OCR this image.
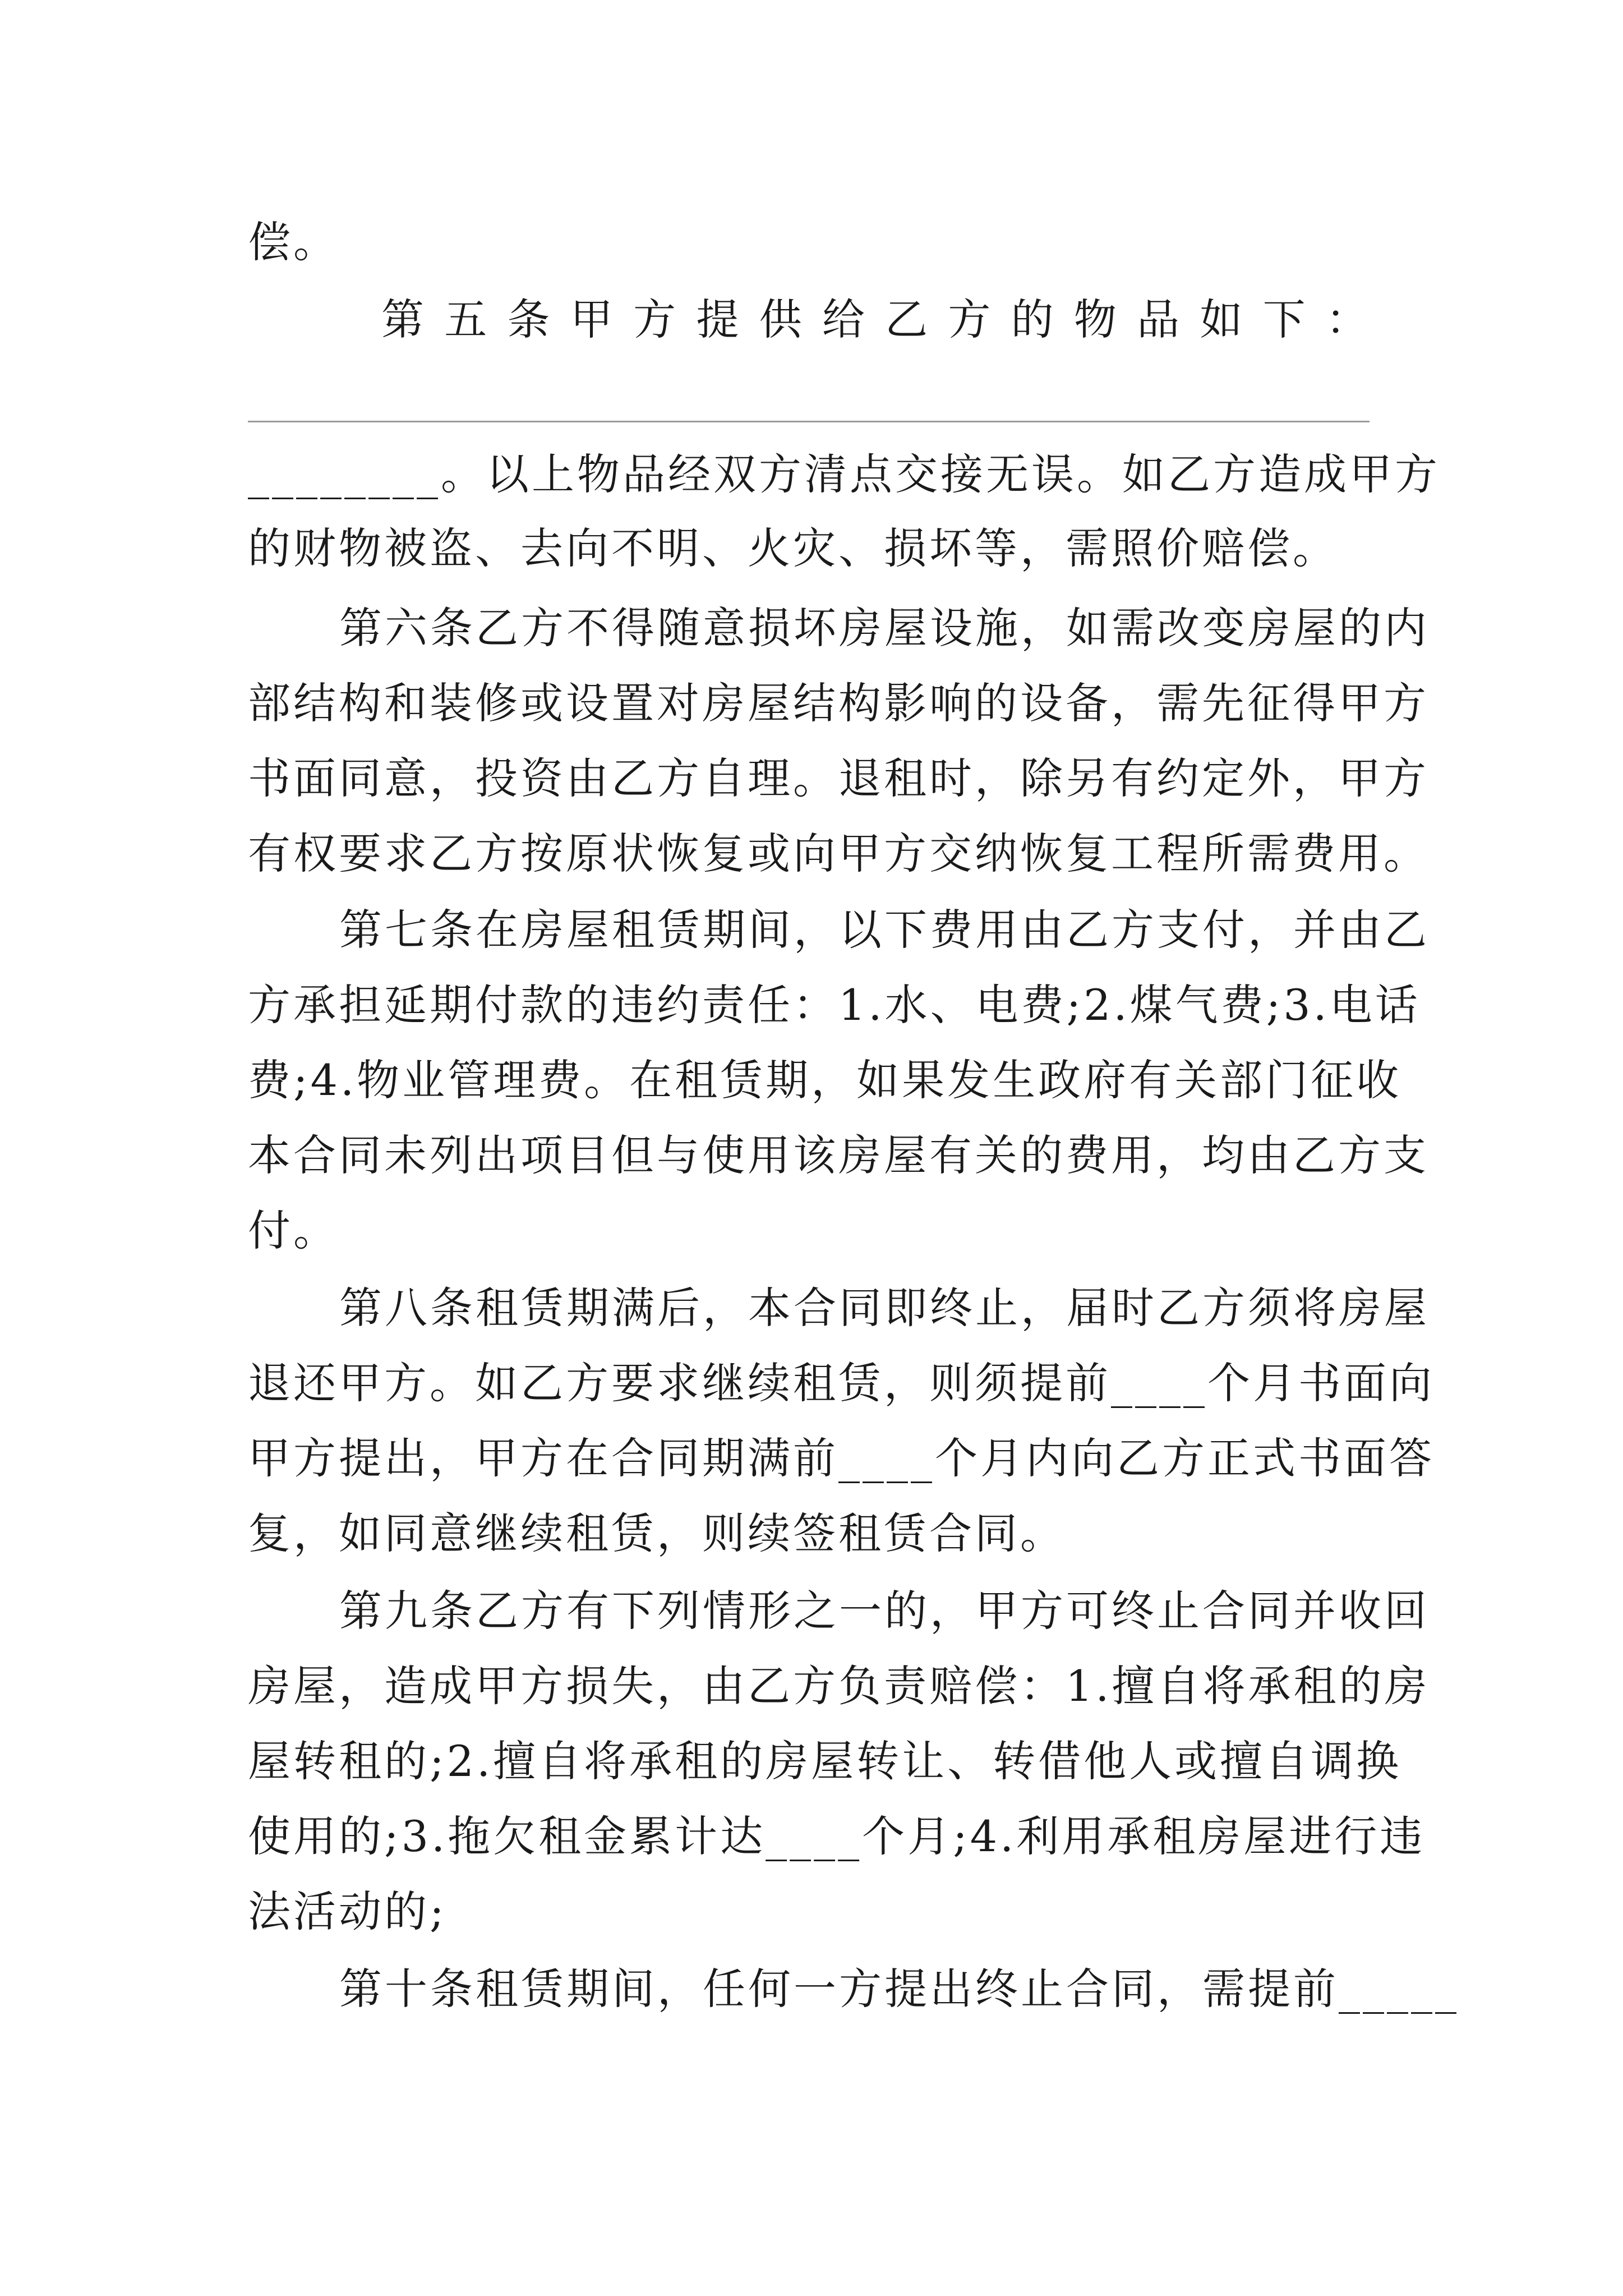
偿。
第 五 条 甲 方 提 供 给 乙 方 的 物 品 如 下 ：
________。以上物品经双方清点交接无误。如乙方造成甲方
的财物被盗、去向不明、火灾、损坏等，需照价赔偿。
第六条乙方不得随意损坏房屋设施，如需改变房屋的内
部结构和装修或设置对房屋结构影响的设备，需先征得甲方
书面同意，投资由乙方自理。退租时，除另有约定外，甲方
有权要求乙方按原状恢复或向甲方交纳恢复工程所需费用。
第七条在房屋租赁期间，以下费用由乙方支付，并由乙
方承担延期付款的违约责任：1.水、电费;2.煤气费;3.电话
费;4.物业管理费。在租赁期，如果发生政府有关部门征收
本合同未列出项目但与使用该房屋有关的费用，均由乙方支
付。
第八条租赁期满后，本合同即终止，届时乙方须将房屋
退还甲方。如乙方要求继续租赁，则须提前____个月书面向
甲方提出，甲方在合同期满前____个月内向乙方正式书面答
复，如同意继续租赁，则续签租赁合同。
第九条乙方有下列情形之一的，甲方可终止合同并收回
房屋，造成甲方损失，由乙方负责赔偿：1.擅自将承租的房
屋转租的;2.擅自将承租的房屋转让、转借他人或擅自调换
使用的;3.拖欠租金累计达____个月;4.利用承租房屋进行违
法活动的;
第十条租赁期间，任何一方提出终止合同，需提前_____
